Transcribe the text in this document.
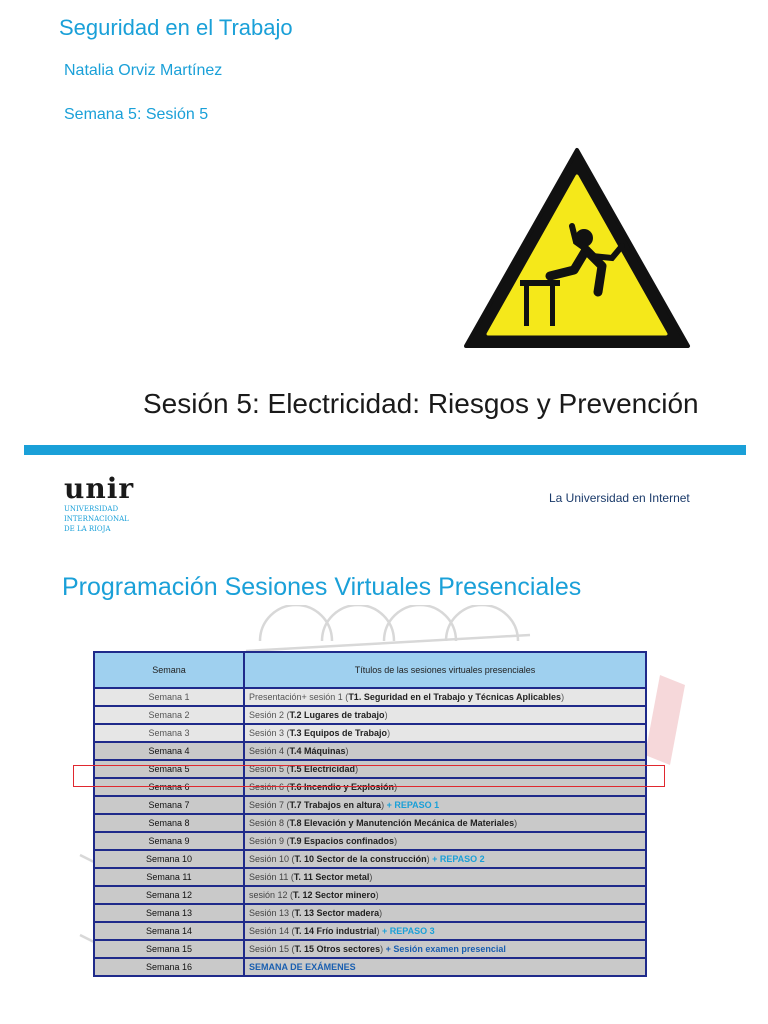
Seguridad en el Trabajo
Natalia Orviz Martínez
Semana 5: Sesión 5
Sesión 5: Electricidad: Riesgos y Prevención
unir
UNIVERSIDAD
INTERNACIONAL
DE LA RIOJA
La Universidad en Internet
Programación Sesiones Virtuales Presenciales
Semana	Títulos de las sesiones virtuales presenciales
Semana 1	Presentación+ sesión 1 (T1. Seguridad en el Trabajo y Técnicas Aplicables)
Semana 2	Sesión 2 (T.2 Lugares de trabajo)
Semana 3	Sesión 3 (T.3 Equipos de Trabajo)
Semana 4	Sesión 4 (T.4 Máquinas)
Semana 5	Sesión 5 (T.5 Electricidad)
Semana 6	Sesión 6 (T.6 Incendio y Explosión)
Semana 7	Sesión 7 (T.7 Trabajos en altura) + REPASO 1
Semana 8	Sesión 8 (T.8 Elevación y Manutención Mecánica de Materiales)
Semana 9	Sesión 9 (T.9 Espacios confinados)
Semana 10	Sesión 10 (T. 10 Sector de la construcción) + REPASO 2
Semana 11	Sesión 11 (T. 11 Sector metal)
Semana 12	sesión 12 (T. 12 Sector minero)
Semana 13	Sesión 13 (T. 13 Sector madera)
Semana 14	Sesión 14 (T. 14 Frío industrial) + REPASO 3
Semana 15	Sesión 15 (T. 15 Otros sectores) + Sesión examen presencial
Semana 16	SEMANA DE EXÁMENES
